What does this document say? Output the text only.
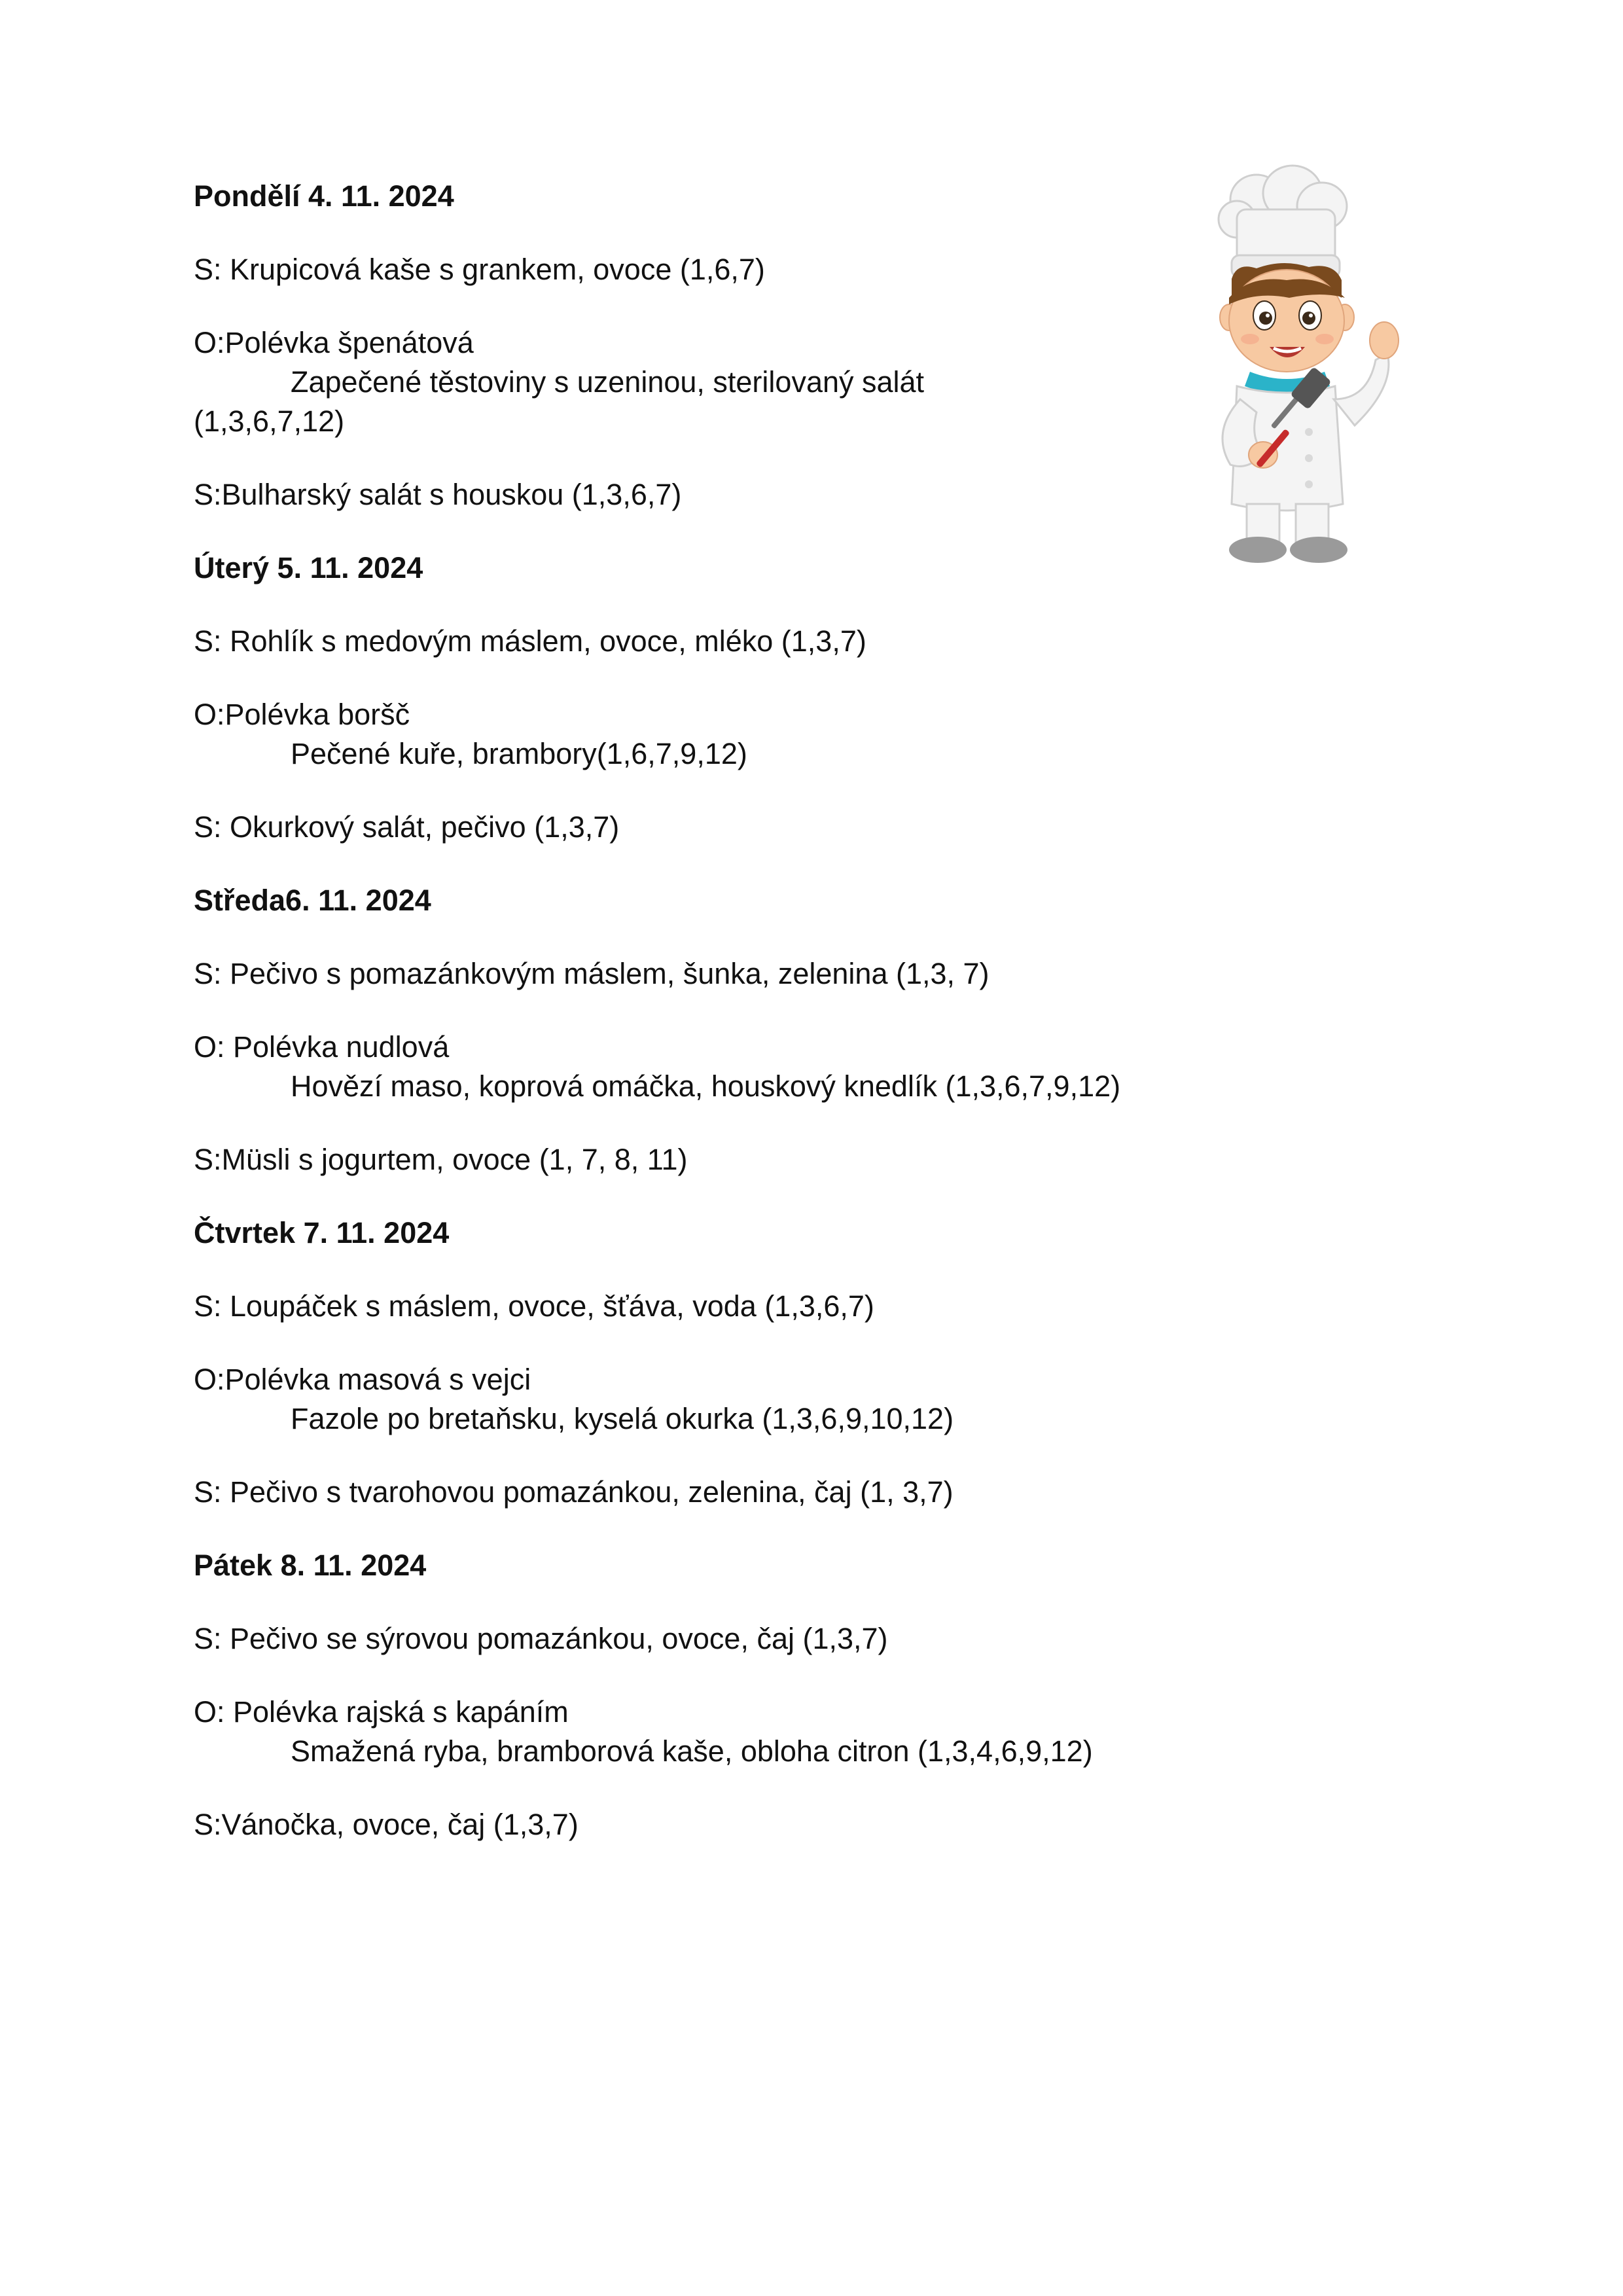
Pondělí 4. 11. 2024

S: Krupicová kaše s grankem, ovoce (1,6,7)

O:Polévka špenátová

Zapečené těstoviny s uzeninou, sterilovaný salát

(1,3,6,7,12)

S:Bulharský salát s houskou (1,3,6,7)

Úterý 5. 11. 2024

S: Rohlík s medovým máslem, ovoce, mléko (1,3,7)

O:Polévka boršč

Pečené kuře, brambory(1,6,7,9,12)

S: Okurkový salát, pečivo (1,3,7)

Středa6. 11. 2024

S: Pečivo s pomazánkovým máslem, šunka, zelenina (1,3, 7)

O: Polévka nudlová

Hovězí maso, koprová omáčka, houskový knedlík (1,3,6,7,9,12)

S:Müsli s jogurtem, ovoce (1, 7, 8, 11)

Čtvrtek 7. 11. 2024

S: Loupáček s máslem, ovoce, šťáva, voda (1,3,6,7)

O:Polévka masová s vejci

Fazole po bretaňsku, kyselá okurka (1,3,6,9,10,12)

S: Pečivo s tvarohovou pomazánkou, zelenina, čaj (1, 3,7)

Pátek 8. 11. 2024

S: Pečivo se sýrovou pomazánkou, ovoce, čaj (1,3,7)

O: Polévka rajská s kapáním

Smažená ryba, bramborová kaše, obloha citron (1,3,4,6,9,12)

S:Vánočka, ovoce, čaj (1,3,7)
